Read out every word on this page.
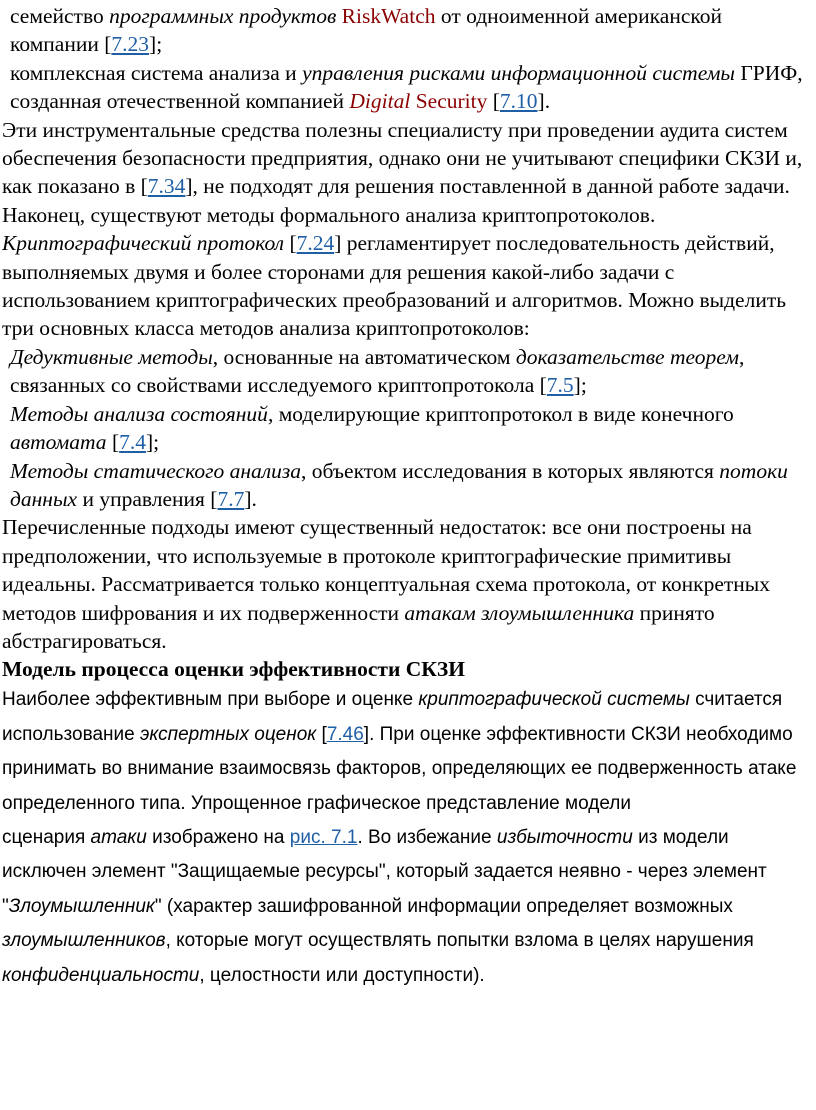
семейство программных продуктов RiskWatch от одноименной американской компании [7.23];

комплексная система анализа и управления рисками информационной системы ГРИФ, созданная отечественной компанией Digital Security [7.10].

Эти инструментальные средства полезны специалисту при проведении аудита систем обеспечения безопасности предприятия, однако они не учитывают специфики СКЗИ и, как показано в [7.34], не подходят для решения поставленной в данной работе задачи.

Наконец, существуют методы формального анализа криптопротоколов. Криптографический протокол [7.24] регламентирует последовательность действий, выполняемых двумя и более сторонами для решения какой-либо задачи с использованием криптографических преобразований и алгоритмов. Можно выделить три основных класса методов анализа криптопротоколов:

Дедуктивные методы, основанные на автоматическом доказательстве теорем, связанных со свойствами исследуемого криптопротокола [7.5];

Методы анализа состояний, моделирующие криптопротокол в виде конечного автомата [7.4];

Методы статического анализа, объектом исследования в которых являются потоки данных и управления [7.7].

Перечисленные подходы имеют существенный недостаток: все они построены на предположении, что используемые в протоколе криптографические примитивы идеальны. Рассматривается только концептуальная схема протокола, от конкретных методов шифрования и их подверженности атакам злоумышленника принято абстрагироваться.

Модель процесса оценки эффективности СКЗИ

Наиболее эффективным при выборе и оценке криптографической системы считается использование экспертных оценок [7.46]. При оценке эффективности СКЗИ необходимо принимать во внимание взаимосвязь факторов, определяющих ее подверженность атаке определенного типа. Упрощенное графическое представление модели

сценария атаки изображено на рис. 7.1. Во избежание избыточности из модели исключен элемент "Защищаемые ресурсы", который задается неявно - через элемент "Злоумышленник" (характер зашифрованной информации определяет возможных злоумышленников, которые могут осуществлять попытки взлома в целях нарушения конфиденциальности, целостности или доступности).
